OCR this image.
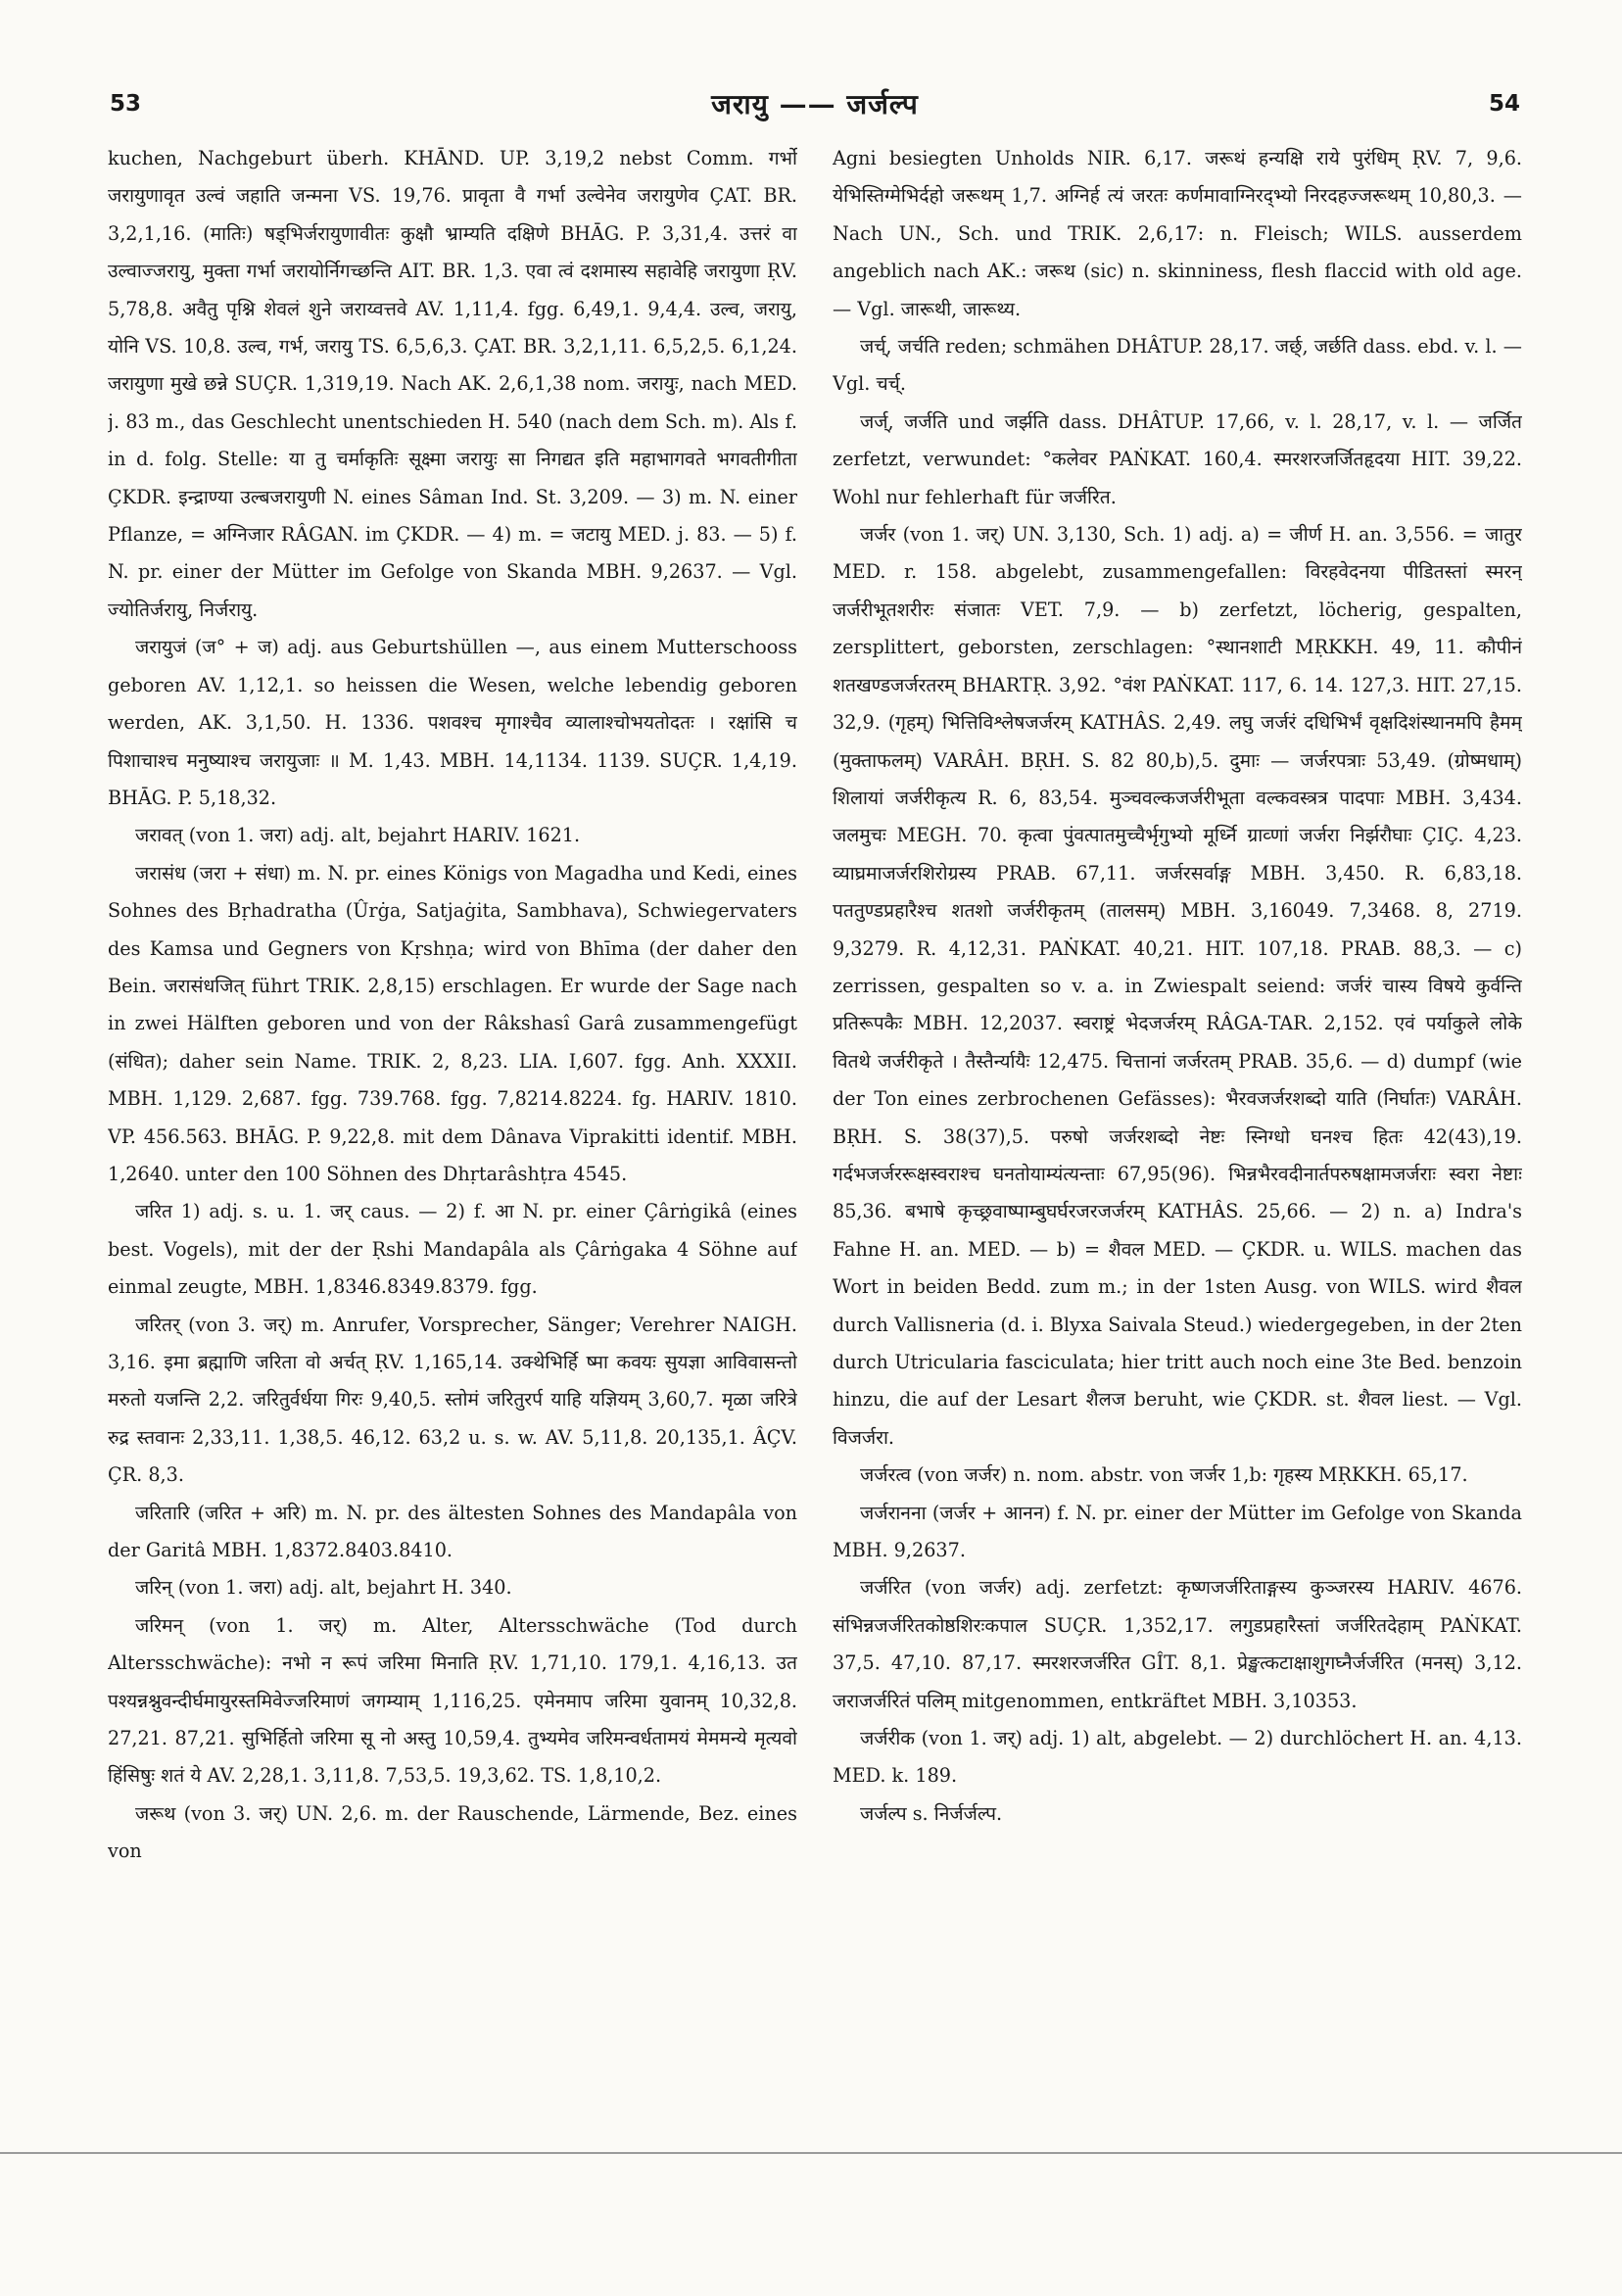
53	जरायु —— जर्जल्प	54

kuchen, Nachgeburt überh. KHĀND. UP. 3,19,2 nebst Comm. गर्भो जरायुणावृत उल्वं जहाति जन्मना VS. 19,76. प्रावृता वै गर्भा उल्वेनेव जरायुणेव ÇAT. BR. 3,2,1,16. (मातिः) षड्भिर्जरायुणावीतः कुक्षौ भ्राम्यति दक्षिणे BHĀG. P. 3,31,4. उत्तरं वा उल्वाज्जरायु, मुक्ता गर्भा जरायोर्निगच्छन्ति AIT. BR. 1,3. एवा त्वं दशमास्य सहावेहि जरायुणा ṚV. 5,78,8. अवैतु पृश्नि शेवलं शुने जराय्वत्तवे AV. 1,11,4. fgg. 6,49,1. 9,4,4. उल्व, जरायु, योनि VS. 10,8. उल्व, गर्भ, जरायु TS. 6,5,6,3. ÇAT. BR. 3,2,1,11. 6,5,2,5. 6,1,24. जरायुणा मुखे छन्ने SUÇR. 1,319,19. Nach AK. 2,6,1,38 nom. जरायुः, nach MED. j. 83 m., das Geschlecht unentschieden H. 540 (nach dem Sch. m). Als f. in d. folg. Stelle: या तु चर्माकृतिः सूक्ष्मा जरायुः सा निगद्यत इति महाभागवते भगवतीगीता ÇKDR. इन्द्राण्या उल्बजरायुणी N. eines Sâman Ind. St. 3,209. — 3) m. N. einer Pflanze, = अग्निजार RÂGAN. im ÇKDR. — 4) m. = जटायु MED. j. 83. — 5) f. N. pr. einer der Mütter im Gefolge von Skanda MBH. 9,2637. — Vgl. ज्योतिर्जरायु, निर्जरायु.

जरायुजं (ज° + ज) adj. aus Geburtshüllen —, aus einem Mutterschooss geboren AV. 1,12,1. so heissen die Wesen, welche lebendig geboren werden, AK. 3,1,50. H. 1336. पशवश्च मृगाश्चैव व्यालाश्चोभयतोदतः । रक्षांसि च पिशाचाश्च मनुष्याश्च जरायुजाः ॥ M. 1,43. MBH. 14,1134. 1139. SUÇR. 1,4,19. BHĀG. P. 5,18,32.

जरावत् (von 1. जरा) adj. alt, bejahrt HARIV. 1621.

जरासंध (जरा + संधा) m. N. pr. eines Königs von Magadha und Kedi, eines Sohnes des Bṛhadratha (Ûrġa, Satjaġita, Sambhava), Schwiegervaters des Kamsa und Gegners von Kṛshṇa; wird von Bhīma (der daher den Bein. जरासंधजित् führt TRIK. 2,8,15) erschlagen. Er wurde der Sage nach in zwei Hälften geboren und von der Râkshasî Garâ zusammengefügt (संधित); daher sein Name. TRIK. 2, 8,23. LIA. I,607. fgg. Anh. XXXII. MBH. 1,129. 2,687. fgg. 739.768. fgg. 7,8214.8224. fg. HARIV. 1810. VP. 456.563. BHĀG. P. 9,22,8. mit dem Dânava Viprakitti identif. MBH. 1,2640. unter den 100 Söhnen des Dhṛtarâshṭra 4545.

जरित 1) adj. s. u. 1. जर् caus. — 2) f. आ N. pr. einer Çârṅgikâ (eines best. Vogels), mit der der Ṛshi Mandapâla als Çârṅgaka 4 Söhne auf einmal zeugte, MBH. 1,8346.8349.8379. fgg.

जरितर् (von 3. जर्) m. Anrufer, Vorsprecher, Sänger; Verehrer NAIGH. 3,16. इमा ब्रह्माणि जरिता वो अर्चत् ṚV. 1,165,14. उक्थेभिर्हि ष्मा कवयः सुयज्ञा आविवासन्तो मरुतो यजन्ति 2,2. जरितुर्वर्धया गिरः 9,40,5. स्तोमं जरितुरर्प याहि यज्ञियम् 3,60,7. मृळा जरित्रे रुद्र स्तवानः 2,33,11. 1,38,5. 46,12. 63,2 u. s. w. AV. 5,11,8. 20,135,1. ÂÇV. ÇR. 8,3.

जरितारि (जरित + अरि) m. N. pr. des ältesten Sohnes des Mandapâla von der Garitâ MBH. 1,8372.8403.8410.

जरिन् (von 1. जरा) adj. alt, bejahrt H. 340.

जरिमन् (von 1. जर्) m. Alter, Altersschwäche (Tod durch Altersschwäche): नभो न रूपं जरिमा मिनाति ṚV. 1,71,10. 179,1. 4,16,13. उत पश्यन्नश्नुवन्दीर्घमायुरस्तमिवेज्जरिमाणं जगम्याम् 1,116,25. एमेनमाप जरिमा युवानम् 10,32,8. 27,21. 87,21. सुभिर्हितो जरिमा सू नो अस्तु 10,59,4. तुभ्यमेव जरिमन्वर्धतामयं मेममन्ये मृत्यवो हिंसिषुः शतं ये AV. 2,28,1. 3,11,8. 7,53,5. 19,3,62. TS. 1,8,10,2.

जरूथ (von 3. जर्) UN. 2,6. m. der Rauschende, Lärmende, Bez. eines von

Agni besiegten Unholds NIR. 6,17. जरूथं हन्यक्षि राये पुरंधिम् ṚV. 7, 9,6. येभिस्तिग्मेभिर्दहो जरूथम् 1,7. अग्निर्ह त्यं जरतः कर्णमावाग्निरद्भ्यो निरदहज्जरूथम् 10,80,3. — Nach UN., Sch. und TRIK. 2,6,17: n. Fleisch; WILS. ausserdem angeblich nach AK.: जरूथ (sic) n. skinniness, flesh flaccid with old age. — Vgl. जारूथी, जारूथ्य.

जर्च्, जर्चति reden; schmähen DHÂTUP. 28,17. जर्छ्, जर्छति dass. ebd. v. l. — Vgl. चर्च्.

जर्ज्, जर्जति und जर्झति dass. DHÂTUP. 17,66, v. l. 28,17, v. l. — जर्जित zerfetzt, verwundet: °कलेवर PAṄKAT. 160,4. स्मरशरजर्जितहृदया HIT. 39,22. Wohl nur fehlerhaft für जर्जरित.

जर्जर (von 1. जर्) UN. 3,130, Sch. 1) adj. a) = जीर्ण H. an. 3,556. = जातुर MED. r. 158. abgelebt, zusammengefallen: विरहवेदनया पीडितस्तां स्मरन् जर्जरीभूतशरीरः संजातः VET. 7,9. — b) zerfetzt, löcherig, gespalten, zersplittert, geborsten, zerschlagen: °स्थानशाटी MṚKKH. 49, 11. कौपीनं शतखण्डजर्जरतरम् BHARTṚ. 3,92. °वंश PAṄKAT. 117, 6. 14. 127,3. HIT. 27,15. 32,9. (गृहम्) भित्तिविश्लेषजर्जरम् KATHÂS. 2,49. लघु जर्जरं दधिभिर्भं वृक्षदिशंस्थानमपि हैमम् (मुक्ताफलम्) VARÂH. BṚH. S. 82 80,b),5. दुमाः — जर्जरपत्राः 53,49. (ग्रोष्मधाम्) शिलायां जर्जरीकृत्य R. 6, 83,54. मुञ्चवल्कजर्जरीभूता वल्कवस्त्रत्र पादपाः MBH. 3,434. जलमुचः MEGH. 70. कृत्वा पुंवत्पातमुच्चैर्भृगुभ्यो मूर्ध्नि ग्राव्णां जर्जरा निर्झरौघाः ÇIÇ. 4,23. व्याघ्रमाजर्जरशिरोग्रस्य PRAB. 67,11. जर्जरसर्वाङ्ग MBH. 3,450. R. 6,83,18. पततुण्डप्रहारैश्च शतशो जर्जरीकृतम् (तालसम्) MBH. 3,16049. 7,3468. 8, 2719. 9,3279. R. 4,12,31. PAṄKAT. 40,21. HIT. 107,18. PRAB. 88,3. — c) zerrissen, gespalten so v. a. in Zwiespalt seiend: जर्जरं चास्य विषये कुर्वन्ति प्रतिरूपकैः MBH. 12,2037. स्वराष्ट्रं भेदजर्जरम् RÂGA-TAR. 2,152. एवं पर्याकुले लोके वितथे जर्जरीकृते । तैस्तैर्न्यायैः 12,475. चित्तानां जर्जरतम् PRAB. 35,6. — d) dumpf (wie der Ton eines zerbrochenen Gefässes): भैरवजर्जरशब्दो याति (निर्घातः) VARÂH. BṚH. S. 38(37),5. परुषो जर्जरशब्दो नेष्टः स्निग्धो घनश्च हितः 42(43),19. गर्दभजर्जररूक्षस्वराश्च घनतोयाम्यंत्यन्ताः 67,95(96). भिन्नभैरवदीनार्तपरुषक्षामजर्जराः स्वरा नेष्टाः 85,36. बभाषे कृच्छ्रवाष्पाम्बुघर्घरजरजर्जरम् KATHÂS. 25,66. — 2) n. a) Indra's Fahne H. an. MED. — b) = शैवल MED. — ÇKDR. u. WILS. machen das Wort in beiden Bedd. zum m.; in der 1sten Ausg. von WILS. wird शैवल durch Vallisneria (d. i. Blyxa Saivala Steud.) wiedergegeben, in der 2ten durch Utricularia fasciculata; hier tritt auch noch eine 3te Bed. benzoin hinzu, die auf der Lesart शैलज beruht, wie ÇKDR. st. शैवल liest. — Vgl. विजर्जरा.

जर्जरत्व (von जर्जर) n. nom. abstr. von जर्जर 1,b: गृहस्य MṚKKH. 65,17.

जर्जरानना (जर्जर + आनन) f. N. pr. einer der Mütter im Gefolge von Skanda MBH. 9,2637.

जर्जरित (von जर्जर) adj. zerfetzt: कृष्णजर्जरिताङ्गस्य कुञ्जरस्य HARIV. 4676. संभिन्नजर्जरितकोष्ठशिरःकपाल SUÇR. 1,352,17. लगुडप्रहारैस्तां जर्जरितदेहाम् PAṄKAT. 37,5. 47,10. 87,17. स्मरशरजर्जरित GÎT. 8,1. प्रेङ्खत्कटाक्षाशुगघ्नैर्जर्जरित (मनस्) 3,12. जराजर्जरितं पलिम् mitgenommen, entkräftet MBH. 3,10353.

जर्जरीक (von 1. जर्) adj. 1) alt, abgelebt. — 2) durchlöchert H. an. 4,13. MED. k. 189.

जर्जल्प s. निर्जर्जल्प.
